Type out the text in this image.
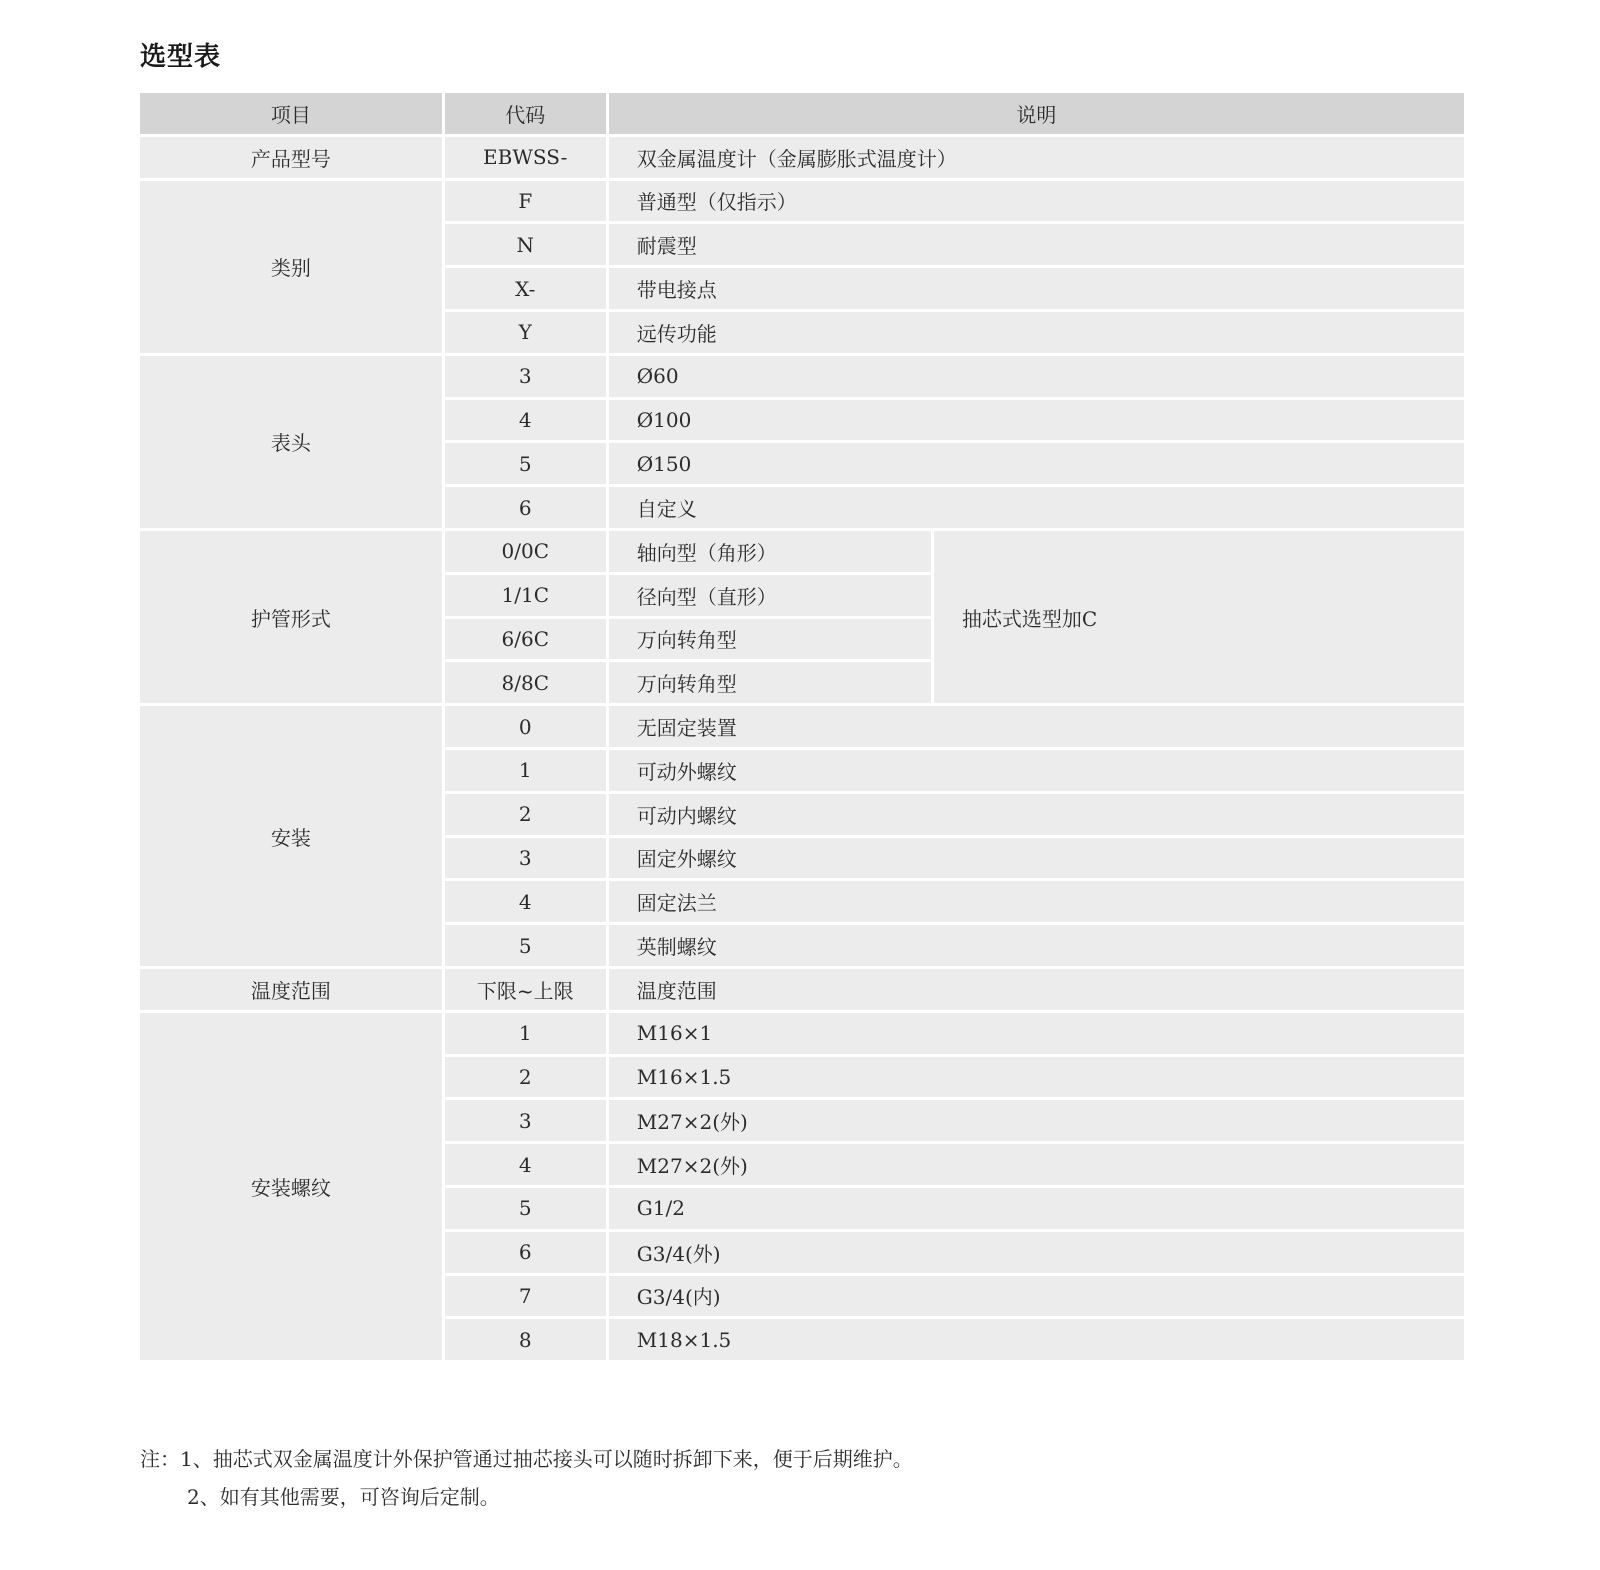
选型表
项目	代码	说明	
产品型号	EBWSS-	双金属温度计（金属膨胀式温度计）	
类别	F	普通型（仅指示）	
	N	耐震型	
	X-	带电接点	
	Y	远传功能	
表头	3	Ø60	
	4	Ø100	
	5	Ø150	
	6	自定义	
护管形式	0/0C	轴向型（角形）	抽芯式选型加C
	1/1C	径向型（直形）	
	6/6C	万向转角型	
	8/8C	万向转角型	
安装	0	无固定装置	
	1	可动外螺纹	
	2	可动内螺纹	
	3	固定外螺纹	
	4	固定法兰	
	5	英制螺纹	
温度范围	下限~上限	温度范围	
安装螺纹	1	M16×1	
	2	M16×1.5	
	3	M27×2(外)	
	4	M27×2(外)	
	5	G1/2	
	6	G3/4(外)	
	7	G3/4(内)	
	8	M18×1.5	
注：1、抽芯式双金属温度计外保护管通过抽芯接头可以随时拆卸下来，便于后期维护。
2、如有其他需要，可咨询后定制。
